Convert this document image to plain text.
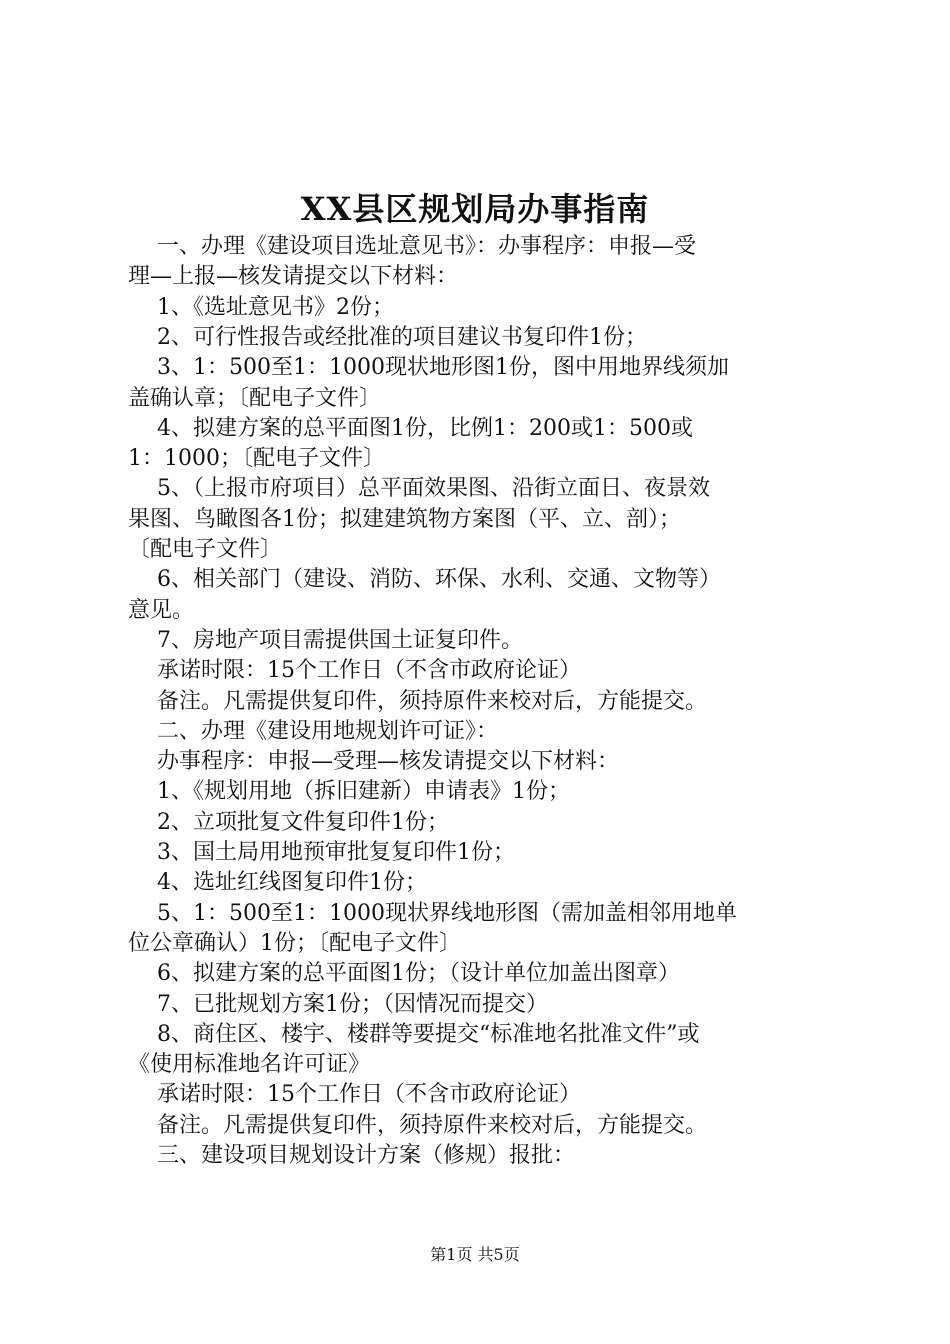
XX县区规划局办事指南
　 一、办理《建设项目选址意见书》：办事程序：申报—受
理—上报—核发请提交以下材料：
　 1、《选址意见书》2份；
　 2、可行性报告或经批准的项目建议书复印件1份；
　 3、1：500至1：1000现状地形图1份，图中用地界线须加
盖确认章；〔配电子文件〕
　 4、拟建方案的总平面图1份，比例1：200或1：500或
1：1000；〔配电子文件〕
　 5、（上报市府项目）总平面效果图、沿街立面日、夜景效
果图、鸟瞰图各1份；拟建建筑物方案图（平、立、剖）；
〔配电子文件〕
　 6、相关部门（建设、消防、环保、水利、交通、文物等）
意见。
　 7、房地产项目需提供国土证复印件。
　 承诺时限：15个工作日（不含市政府论证）
　 备注。凡需提供复印件，须持原件来校对后，方能提交。
　 二、办理《建设用地规划许可证》：
　 办事程序：申报—受理—核发请提交以下材料：
　 1、《规划用地（拆旧建新）申请表》1份；
　 2、立项批复文件复印件1份；
　 3、国土局用地预审批复复印件1份；
　 4、选址红线图复印件1份；
　 5、1：500至1：1000现状界线地形图（需加盖相邻用地单
位公章确认）1份；〔配电子文件〕
　 6、拟建方案的总平面图1份；（设计单位加盖出图章）
　 7、已批规划方案1份；（因情况而提交）
　 8、商住区、楼宇、楼群等要提交“标准地名批准文件”或
《使用标准地名许可证》
　 承诺时限：15个工作日（不含市政府论证）
　 备注。凡需提供复印件，须持原件来校对后，方能提交。
　 三、建设项目规划设计方案（修规）报批：
第1页 共5页
